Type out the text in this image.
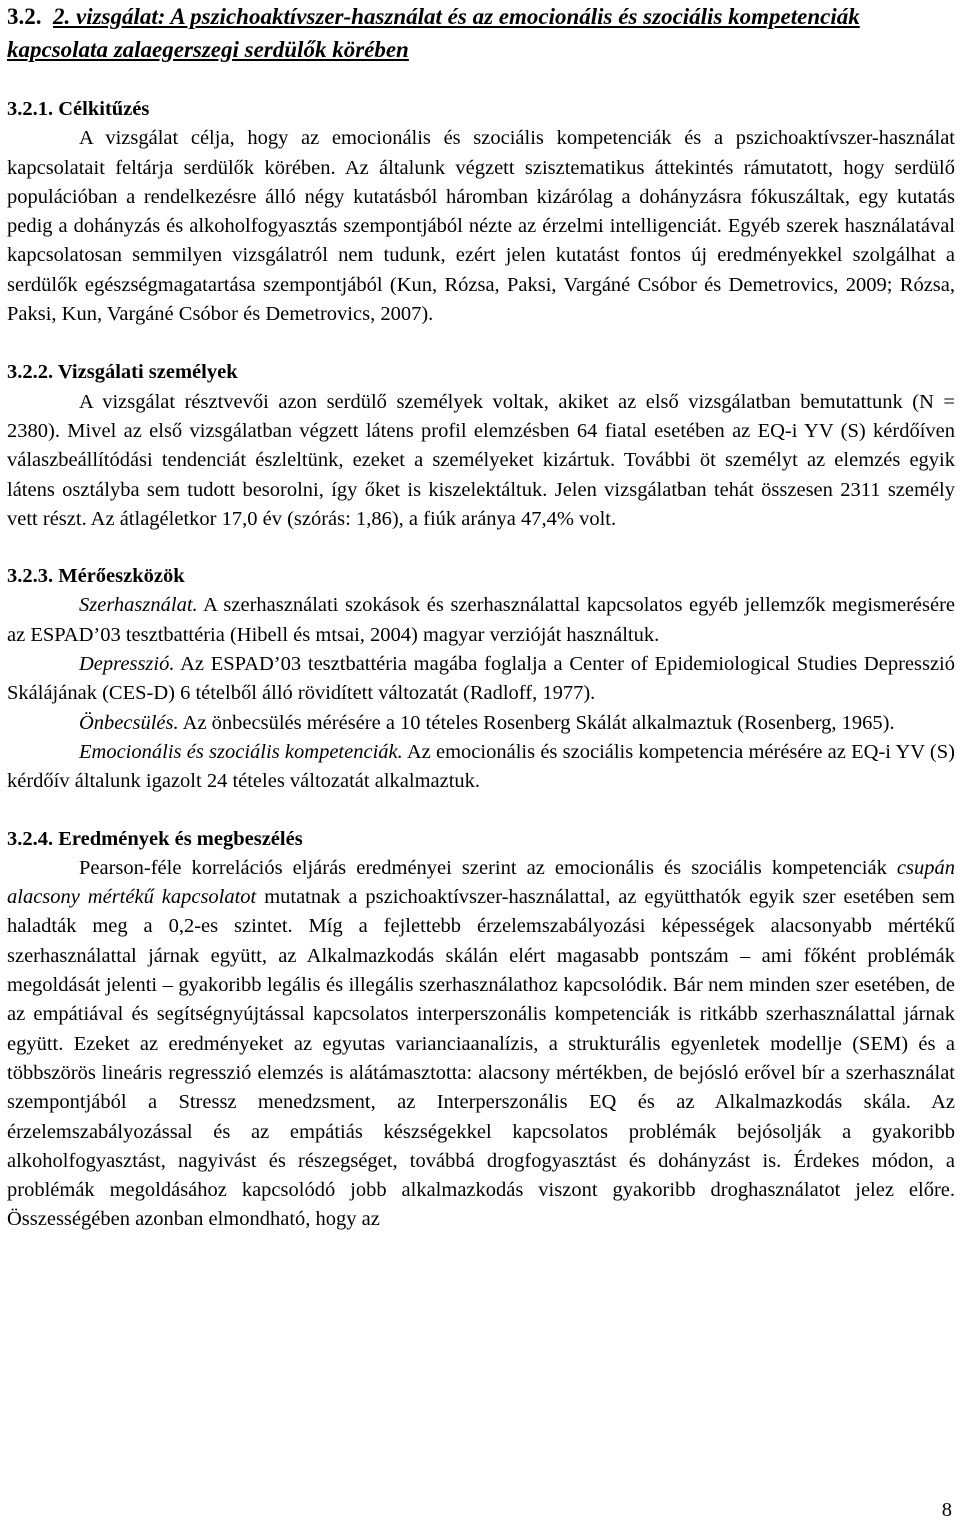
3.2. 2. vizsgálat: A pszichoaktívszer-használat és az emocionális és szociális kompetenciák kapcsolata zalaegerszegi serdülők körében
3.2.1. Célkitűzés

A vizsgálat célja, hogy az emocionális és szociális kompetenciák és a pszichoaktívszer-használat kapcsolatait feltárja serdülők körében. Az általunk végzett szisztematikus áttekintés rámutatott, hogy serdülő populációban a rendelkezésre álló négy kutatásból háromban kizárólag a dohányzásra fókuszáltak, egy kutatás pedig a dohányzás és alkoholfogyasztás szempontjából nézte az érzelmi intelligenciát. Egyéb szerek használatával kapcsolatosan semmilyen vizsgálatról nem tudunk, ezért jelen kutatást fontos új eredményekkel szolgálhat a serdülők egészségmagatartása szempontjából (Kun, Rózsa, Paksi, Vargáné Csóbor és Demetrovics, 2009; Rózsa, Paksi, Kun, Vargáné Csóbor és Demetrovics, 2007).

3.2.2. Vizsgálati személyek

A vizsgálat résztvevői azon serdülő személyek voltak, akiket az első vizsgálatban bemutattunk (N = 2380). Mivel az első vizsgálatban végzett látens profil elemzésben 64 fiatal esetében az EQ-i YV (S) kérdőíven válaszbeállítódási tendenciát észleltünk, ezeket a személyeket kizártuk. További öt személyt az elemzés egyik látens osztályba sem tudott besorolni, így őket is kiszelektáltuk. Jelen vizsgálatban tehát összesen 2311 személy vett részt. Az átlagéletkor 17,0 év (szórás: 1,86), a fiúk aránya 47,4% volt.

3.2.3. Mérőeszközök

Szerhasználat. A szerhasználati szokások és szerhasználattal kapcsolatos egyéb jellemzők megismerésére az ESPAD’03 tesztbattéria (Hibell és mtsai, 2004) magyar verzióját használtuk.

Depresszió. Az ESPAD’03 tesztbattéria magába foglalja a Center of Epidemiological Studies Depresszió Skálájának (CES-D) 6 tételből álló rövidített változatát (Radloff, 1977).

Önbecsülés. Az önbecsülés mérésére a 10 tételes Rosenberg Skálát alkalmaztuk (Rosenberg, 1965).

Emocionális és szociális kompetenciák. Az emocionális és szociális kompetencia mérésére az EQ-i YV (S) kérdőív általunk igazolt 24 tételes változatát alkalmaztuk.

3.2.4. Eredmények és megbeszélés

Pearson-féle korrelációs eljárás eredményei szerint az emocionális és szociális kompetenciák csupán alacsony mértékű kapcsolatot mutatnak a pszichoaktívszer-használattal, az együtthatók egyik szer esetében sem haladták meg a 0,2-es szintet. Míg a fejlettebb érzelemszabályozási képességek alacsonyabb mértékű szerhasználattal járnak együtt, az Alkalmazkodás skálán elért magasabb pontszám – ami főként problémák megoldását jelenti – gyakoribb legális és illegális szerhasználathoz kapcsolódik. Bár nem minden szer esetében, de az empátiával és segítségnyújtással kapcsolatos interperszonális kompetenciák is ritkább szerhasználattal járnak együtt. Ezeket az eredményeket az egyutas varianciaanalízis, a strukturális egyenletek modellje (SEM) és a többszörös lineáris regresszió elemzés is alátámasztotta: alacsony mértékben, de bejósló erővel bír a szerhasználat szempontjából a Stressz menedzsment, az Interperszonális EQ és az Alkalmazkodás skála. Az érzelemszabályozással és az empátiás készségekkel kapcsolatos problémák bejósolják a gyakoribb alkoholfogyasztást, nagyivást és részegséget, továbbá drogfogyasztást és dohányzást is. Érdekes módon, a problémák megoldásához kapcsolódó jobb alkalmazkodás viszont gyakoribb droghasználatot jelez előre. Összességében azonban elmondható, hogy az

8
